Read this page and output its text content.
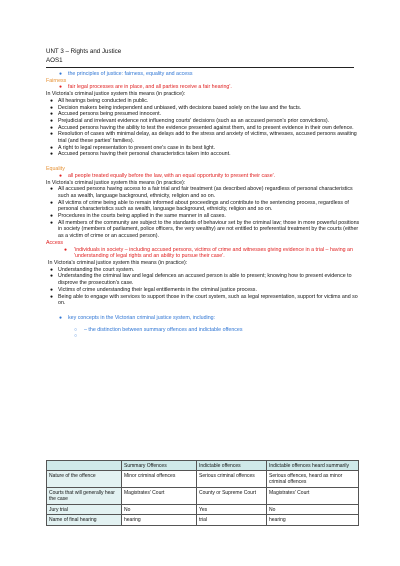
UNT 3 – Rights and Justice
AOS1
● the principles of justice: fairness, equality and access

Fairness

● fair legal processes are in place, and all parties receive a fair hearing'.

In Victoria's criminal justice system this means (in practice):

● All hearings being conducted in public.
● Decision makers being independent and unbiased, with decisions based solely on the law and the facts.
● Accused persons being presumed innocent.
● Prejudicial and irrelevant evidence not influencing courts' decisions (such as an accused person's prior convictions).
● Accused persons having the ability to test the evidence presented against them, and to present evidence in their own defence.
● Resolution of cases with minimal delay, as delays add to the stress and anxiety of victims, witnesses, accused persons awaiting trial (and these parties' families).
● A right to legal representation to present one's case in its best light.
● Accused persons having their personal characteristics taken into account.

Equality

● all people treated equally before the law, with an equal opportunity to present their case'.

In Victoria's criminal justice system this means (in practice):

● All accused persons having access to a fair trial and fair treatment (as described above) regardless of personal characteristics such as wealth, language background, ethnicity, religion and so on.
● All victims of crime being able to remain informed about proceedings and contribute to the sentencing process, regardless of personal characteristics such as wealth, language background, ethnicity, religion and so on.
● Procedures in the courts being applied in the same manner in all cases.
● All members of the community are subject to the standards of behaviour set by the criminal law; those in more powerful positions in society (members of parliament, police officers, the very wealthy) are not entitled to preferential treatment by the courts (either as a victim of crime or an accused person).

Access

● 'individuals in society – including accused persons, victims of crime and witnesses giving evidence in a trial – having an 'understanding of legal rights and an ability to pursue their case'.

In Victoria's criminal justice system this means (in practice):

● Understanding the court system.
● Understanding the criminal law and legal defences an accused person is able to present; knowing how to present evidence to disprove the prosecution's case.
● Victims of crime understanding their legal entitlements in the criminal justice process.
● Being able to engage with services to support those in the court system, such as legal representation, support for victims and so on.
● key concepts in the Victorian criminal justice system, including:
○ – the distinction between summary offences and indictable offences
○
	Summary Offences	Indictable offences	Indictable offences heard summarily
Nature of the offence	Minor criminal offences	Serious criminal offences	Serious offences, heard as minor criminal offences
Courts that will generally hear the case	Magistrates' Court	County or Supreme Court	Magistrates' Court
Jury trial	No	Yes	No
Name of final hearing	hearing	trial	hearing
